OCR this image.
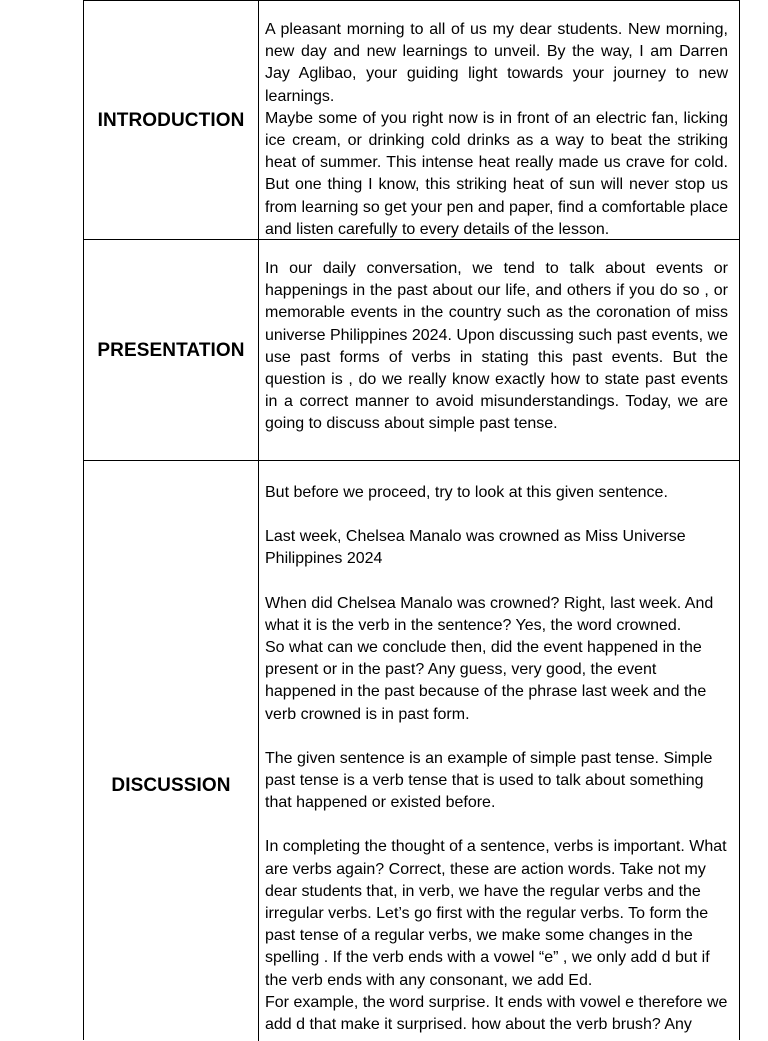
INTRODUCTION

A pleasant morning to all of us my dear students. New morning, new day and new learnings to unveil. By the way, I am Darren Jay Aglibao, your guiding light towards your journey to new learnings.

Maybe some of you right now is in front of an electric fan, licking ice cream, or drinking cold drinks as a way to beat the striking heat of summer. This intense heat really made us crave for cold. But one thing I know, this striking heat of sun will never stop us from learning so get your pen and paper, find a comfortable place and listen carefully to every details of the lesson.

PRESENTATION

In our daily conversation, we tend to talk about events or happenings in the past about our life, and others if you do so , or memorable events in the country such as the coronation of miss universe Philippines 2024. Upon discussing such past events, we use past forms of verbs in stating this past events. But the question is , do we really know exactly how to state past events in a correct manner to avoid misunderstandings. Today, we are going to discuss about simple past tense.

DISCUSSION

But before we proceed, try to look at this given sentence.

Last week, Chelsea Manalo was crowned as Miss Universe Philippines 2024

When did Chelsea Manalo was crowned? Right, last week. And what it is the verb in the sentence? Yes, the word crowned.

So what can we conclude then, did the event happened in the present or in the past? Any guess, very good, the event happened in the past because of the phrase last week and the verb crowned is in past form.

The given sentence is an example of simple past tense. Simple past tense is a verb tense that is used to talk about something that happened or existed before.

In completing the thought of a sentence, verbs is important. What are verbs again? Correct, these are action words. Take not my dear students that, in verb, we have the regular verbs and the irregular verbs. Let’s go first with the regular verbs. To form the past tense of a regular verbs, we make some changes in the spelling . If the verb ends with a vowel “e” , we only add d but if the verb ends with any consonant, we add Ed.

For example, the word surprise. It ends with vowel e therefore we add d that make it surprised. how about the verb brush? Any
